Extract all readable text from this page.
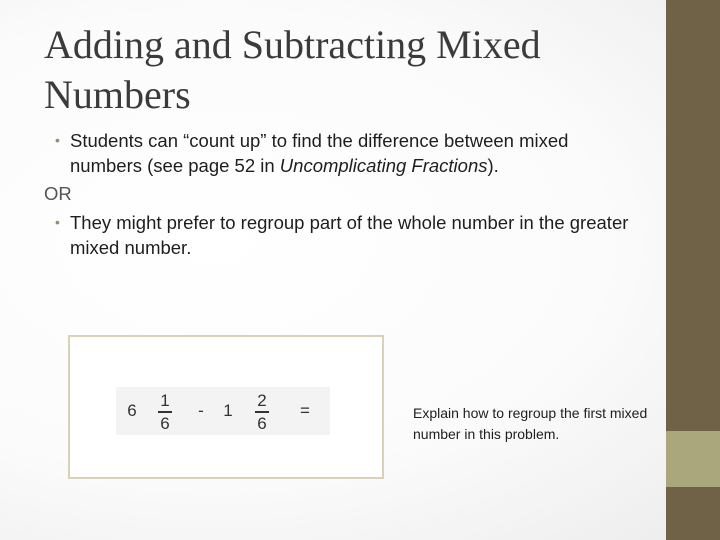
Adding and Subtracting Mixed Numbers
• Students can “count up” to find the difference between mixed numbers (see page 52 in Uncomplicating Fractions).
OR
• They might prefer to regroup part of the whole number in the greater mixed number.
6
1
6
- 1
2
6
=	Explain how to regroup the first mixed number in this problem.
